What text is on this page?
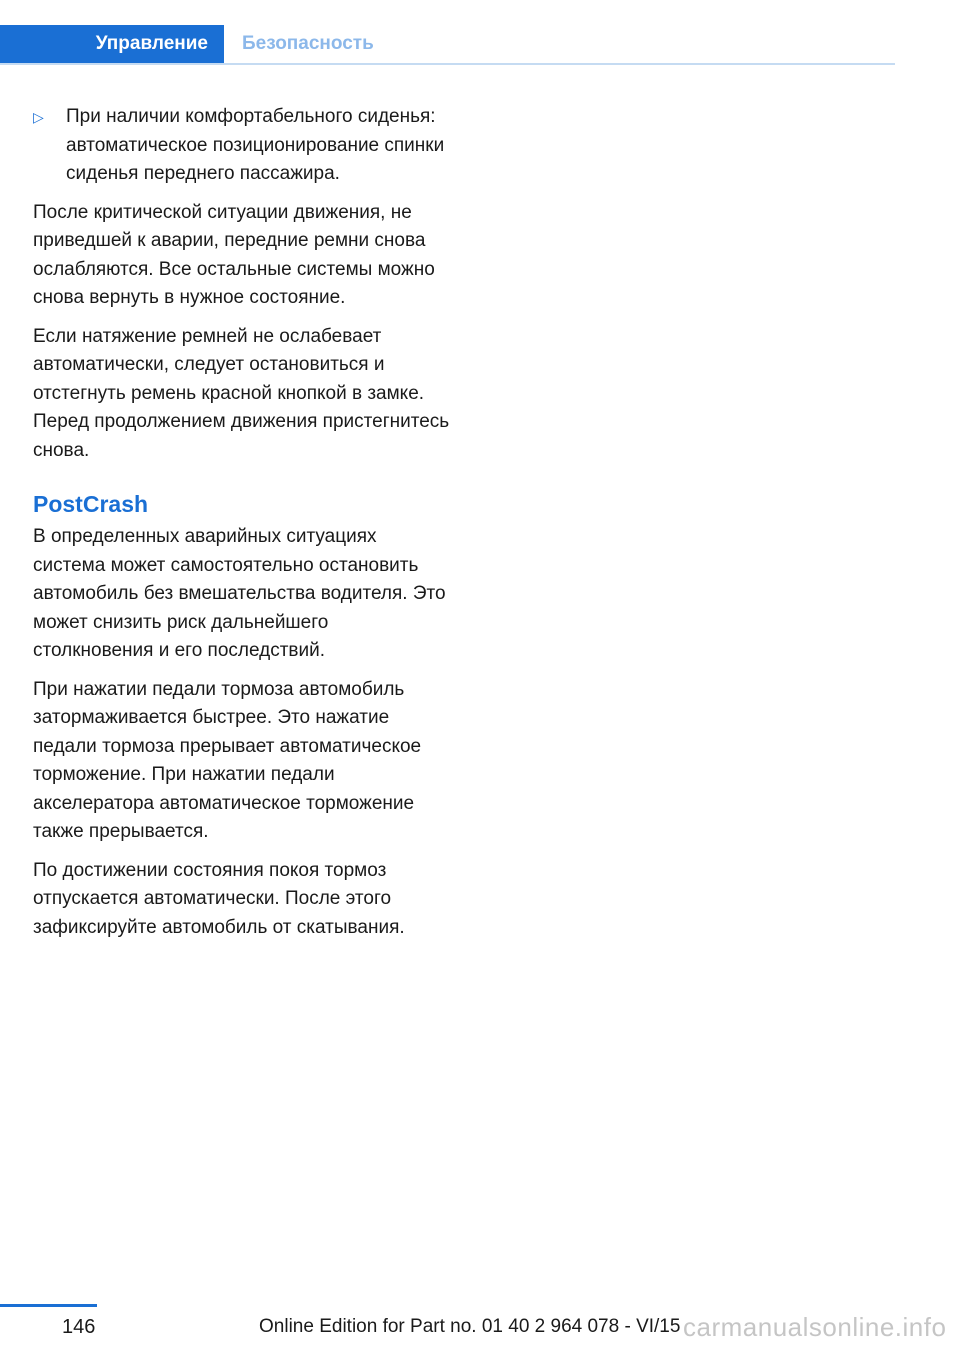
Управление	Безопасность
▷ При наличии комфортабельного сиденья: автоматическое позиционирование спинки сиденья переднего пассажира.

После критической ситуации движения, не приведшей к аварии, передние ремни снова ослабляются. Все остальные системы можно снова вернуть в нужное состояние.

Если натяжение ремней не ослабевает автоматически, следует остановиться и отстегнуть ремень красной кнопкой в замке. Перед продолжением движения пристегнитесь снова.

PostCrash

В определенных аварийных ситуациях система может самостоятельно остановить автомобиль без вмешательства водителя. Это может снизить риск дальнейшего столкновения и его последствий.

При нажатии педали тормоза автомобиль затормаживается быстрее. Это нажатие педали тормоза прерывает автоматическое торможение. При нажатии педали акселератора автоматическое торможение также прерывается.

По достижении состояния покоя тормоз отпускается автоматически. После этого зафиксируйте автомобиль от скатывания.

146	Online Edition for Part no. 01 40 2 964 078 - VI/15 carmanualsonline.info
